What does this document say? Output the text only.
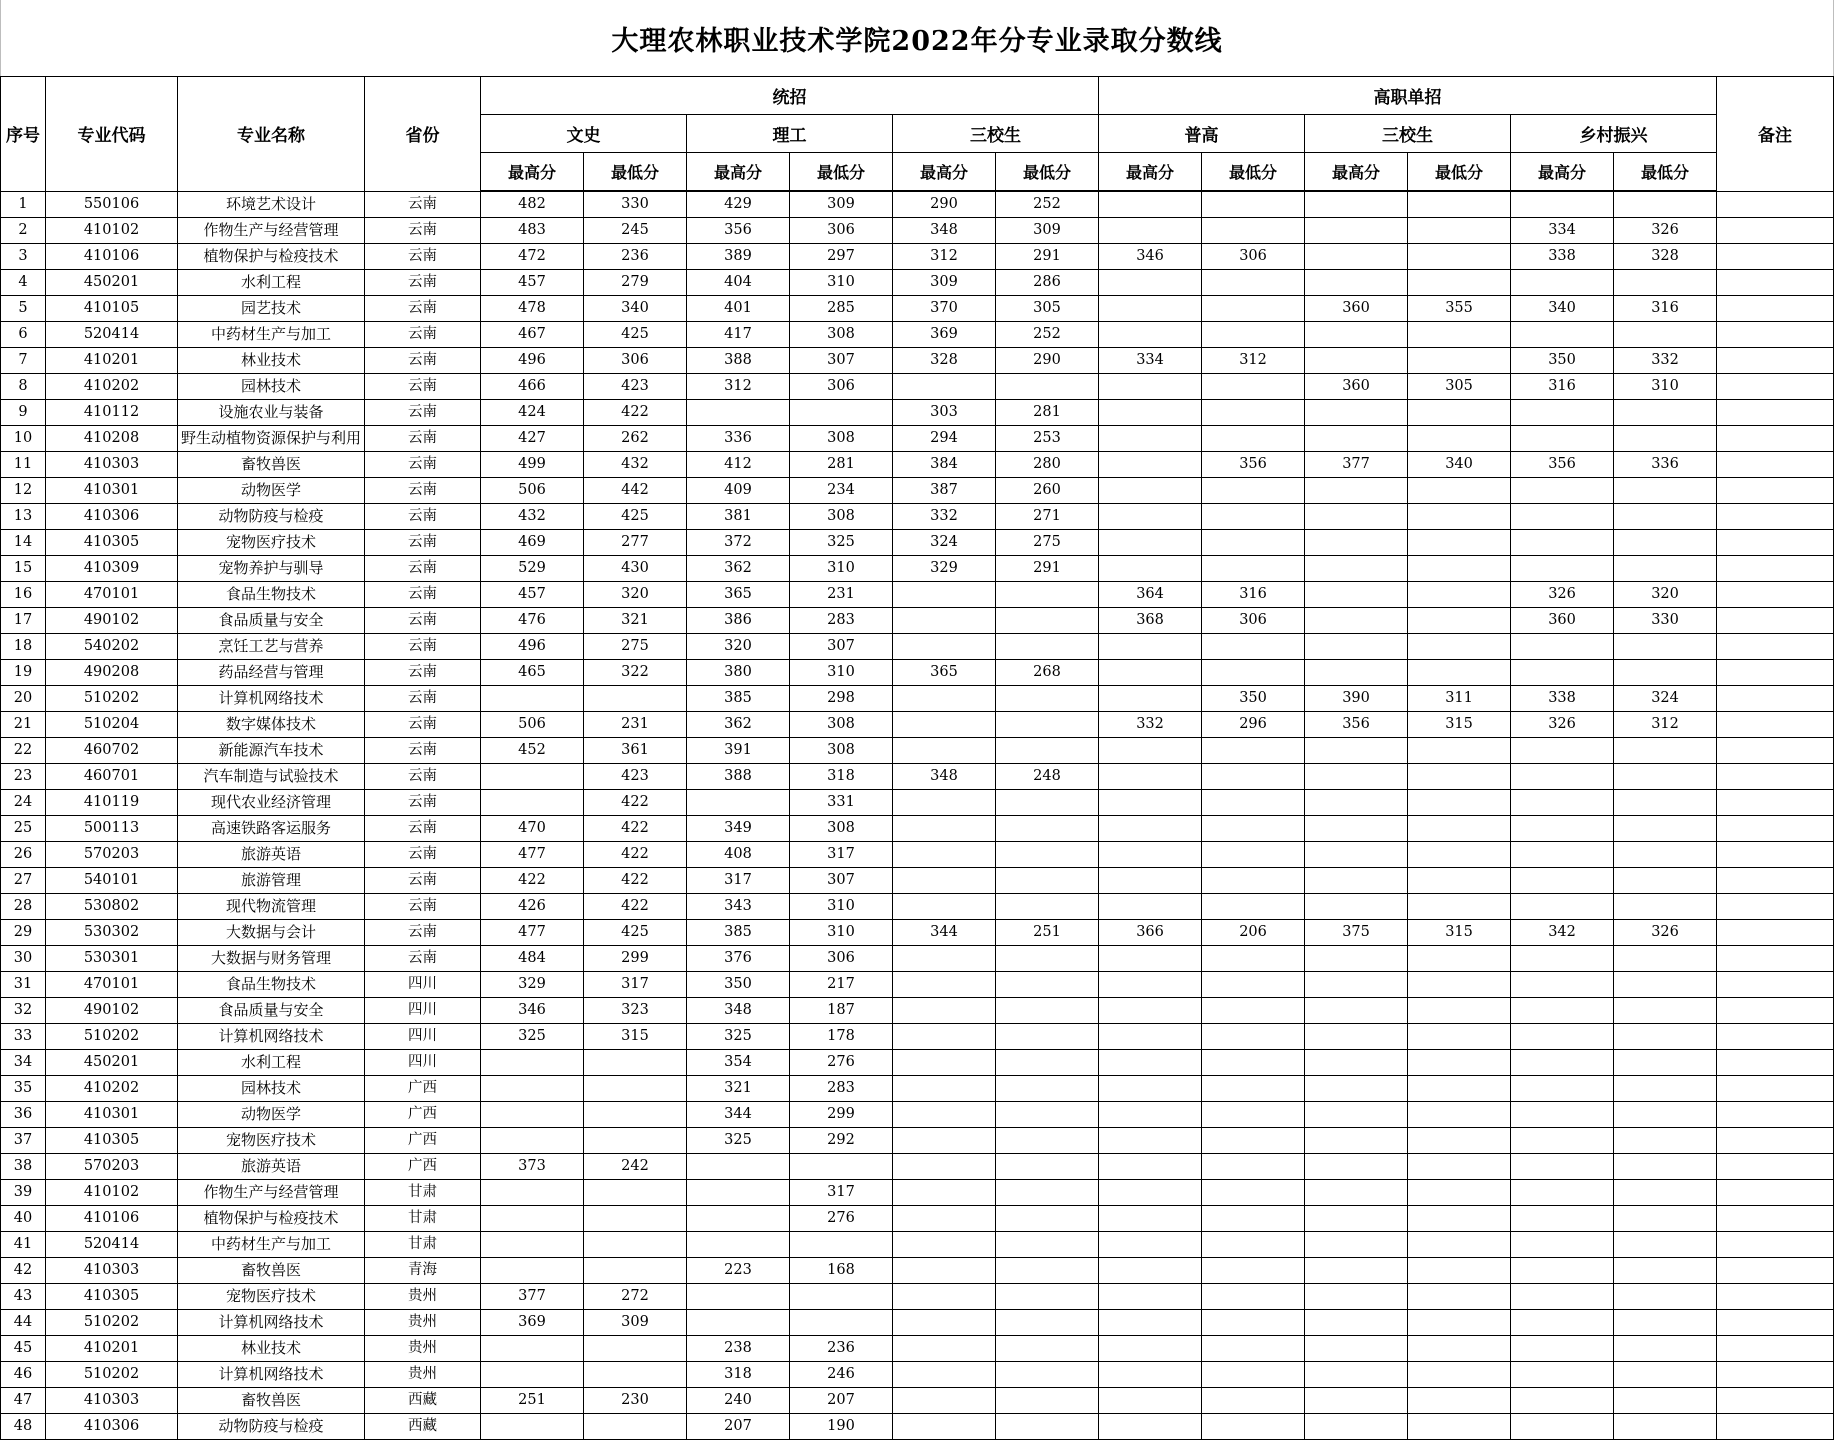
大理农林职业技术学院2022年分专业录取分数线
序号	专业代码	专业名称	省份	统招						高职单招						备注
				文史		理工		三校生		普高		三校生		乡村振兴		
				最高分	最低分	最高分	最低分	最高分	最低分	最高分	最低分	最高分	最低分	最高分	最低分	
1	550106	环境艺术设计	云南	482	330	429	309	290	252							
2	410102	作物生产与经营管理	云南	483	245	356	306	348	309					334	326	
3	410106	植物保护与检疫技术	云南	472	236	389	297	312	291	346	306			338	328	
4	450201	水利工程	云南	457	279	404	310	309	286							
5	410105	园艺技术	云南	478	340	401	285	370	305			360	355	340	316	
6	520414	中药材生产与加工	云南	467	425	417	308	369	252							
7	410201	林业技术	云南	496	306	388	307	328	290	334	312			350	332	
8	410202	园林技术	云南	466	423	312	306					360	305	316	310	
9	410112	设施农业与装备	云南	424	422			303	281							
10	410208	野生动植物资源保护与利用	云南	427	262	336	308	294	253							
11	410303	畜牧兽医	云南	499	432	412	281	384	280		356	377	340	356	336	
12	410301	动物医学	云南	506	442	409	234	387	260							
13	410306	动物防疫与检疫	云南	432	425	381	308	332	271							
14	410305	宠物医疗技术	云南	469	277	372	325	324	275							
15	410309	宠物养护与驯导	云南	529	430	362	310	329	291							
16	470101	食品生物技术	云南	457	320	365	231			364	316			326	320	
17	490102	食品质量与安全	云南	476	321	386	283			368	306			360	330	
18	540202	烹饪工艺与营养	云南	496	275	320	307									
19	490208	药品经营与管理	云南	465	322	380	310	365	268							
20	510202	计算机网络技术	云南			385	298				350	390	311	338	324	
21	510204	数字媒体技术	云南	506	231	362	308			332	296	356	315	326	312	
22	460702	新能源汽车技术	云南	452	361	391	308									
23	460701	汽车制造与试验技术	云南		423	388	318	348	248							
24	410119	现代农业经济管理	云南		422		331									
25	500113	高速铁路客运服务	云南	470	422	349	308									
26	570203	旅游英语	云南	477	422	408	317									
27	540101	旅游管理	云南	422	422	317	307									
28	530802	现代物流管理	云南	426	422	343	310									
29	530302	大数据与会计	云南	477	425	385	310	344	251	366	206	375	315	342	326	
30	530301	大数据与财务管理	云南	484	299	376	306									
31	470101	食品生物技术	四川	329	317	350	217									
32	490102	食品质量与安全	四川	346	323	348	187									
33	510202	计算机网络技术	四川	325	315	325	178									
34	450201	水利工程	四川			354	276									
35	410202	园林技术	广西			321	283									
36	410301	动物医学	广西			344	299									
37	410305	宠物医疗技术	广西			325	292									
38	570203	旅游英语	广西	373	242											
39	410102	作物生产与经营管理	甘肃				317									
40	410106	植物保护与检疫技术	甘肃				276									
41	520414	中药材生产与加工	甘肃													
42	410303	畜牧兽医	青海			223	168									
43	410305	宠物医疗技术	贵州	377	272											
44	510202	计算机网络技术	贵州	369	309											
45	410201	林业技术	贵州			238	236									
46	510202	计算机网络技术	贵州			318	246									
47	410303	畜牧兽医	西藏	251	230	240	207									
48	410306	动物防疫与检疫	西藏			207	190									
